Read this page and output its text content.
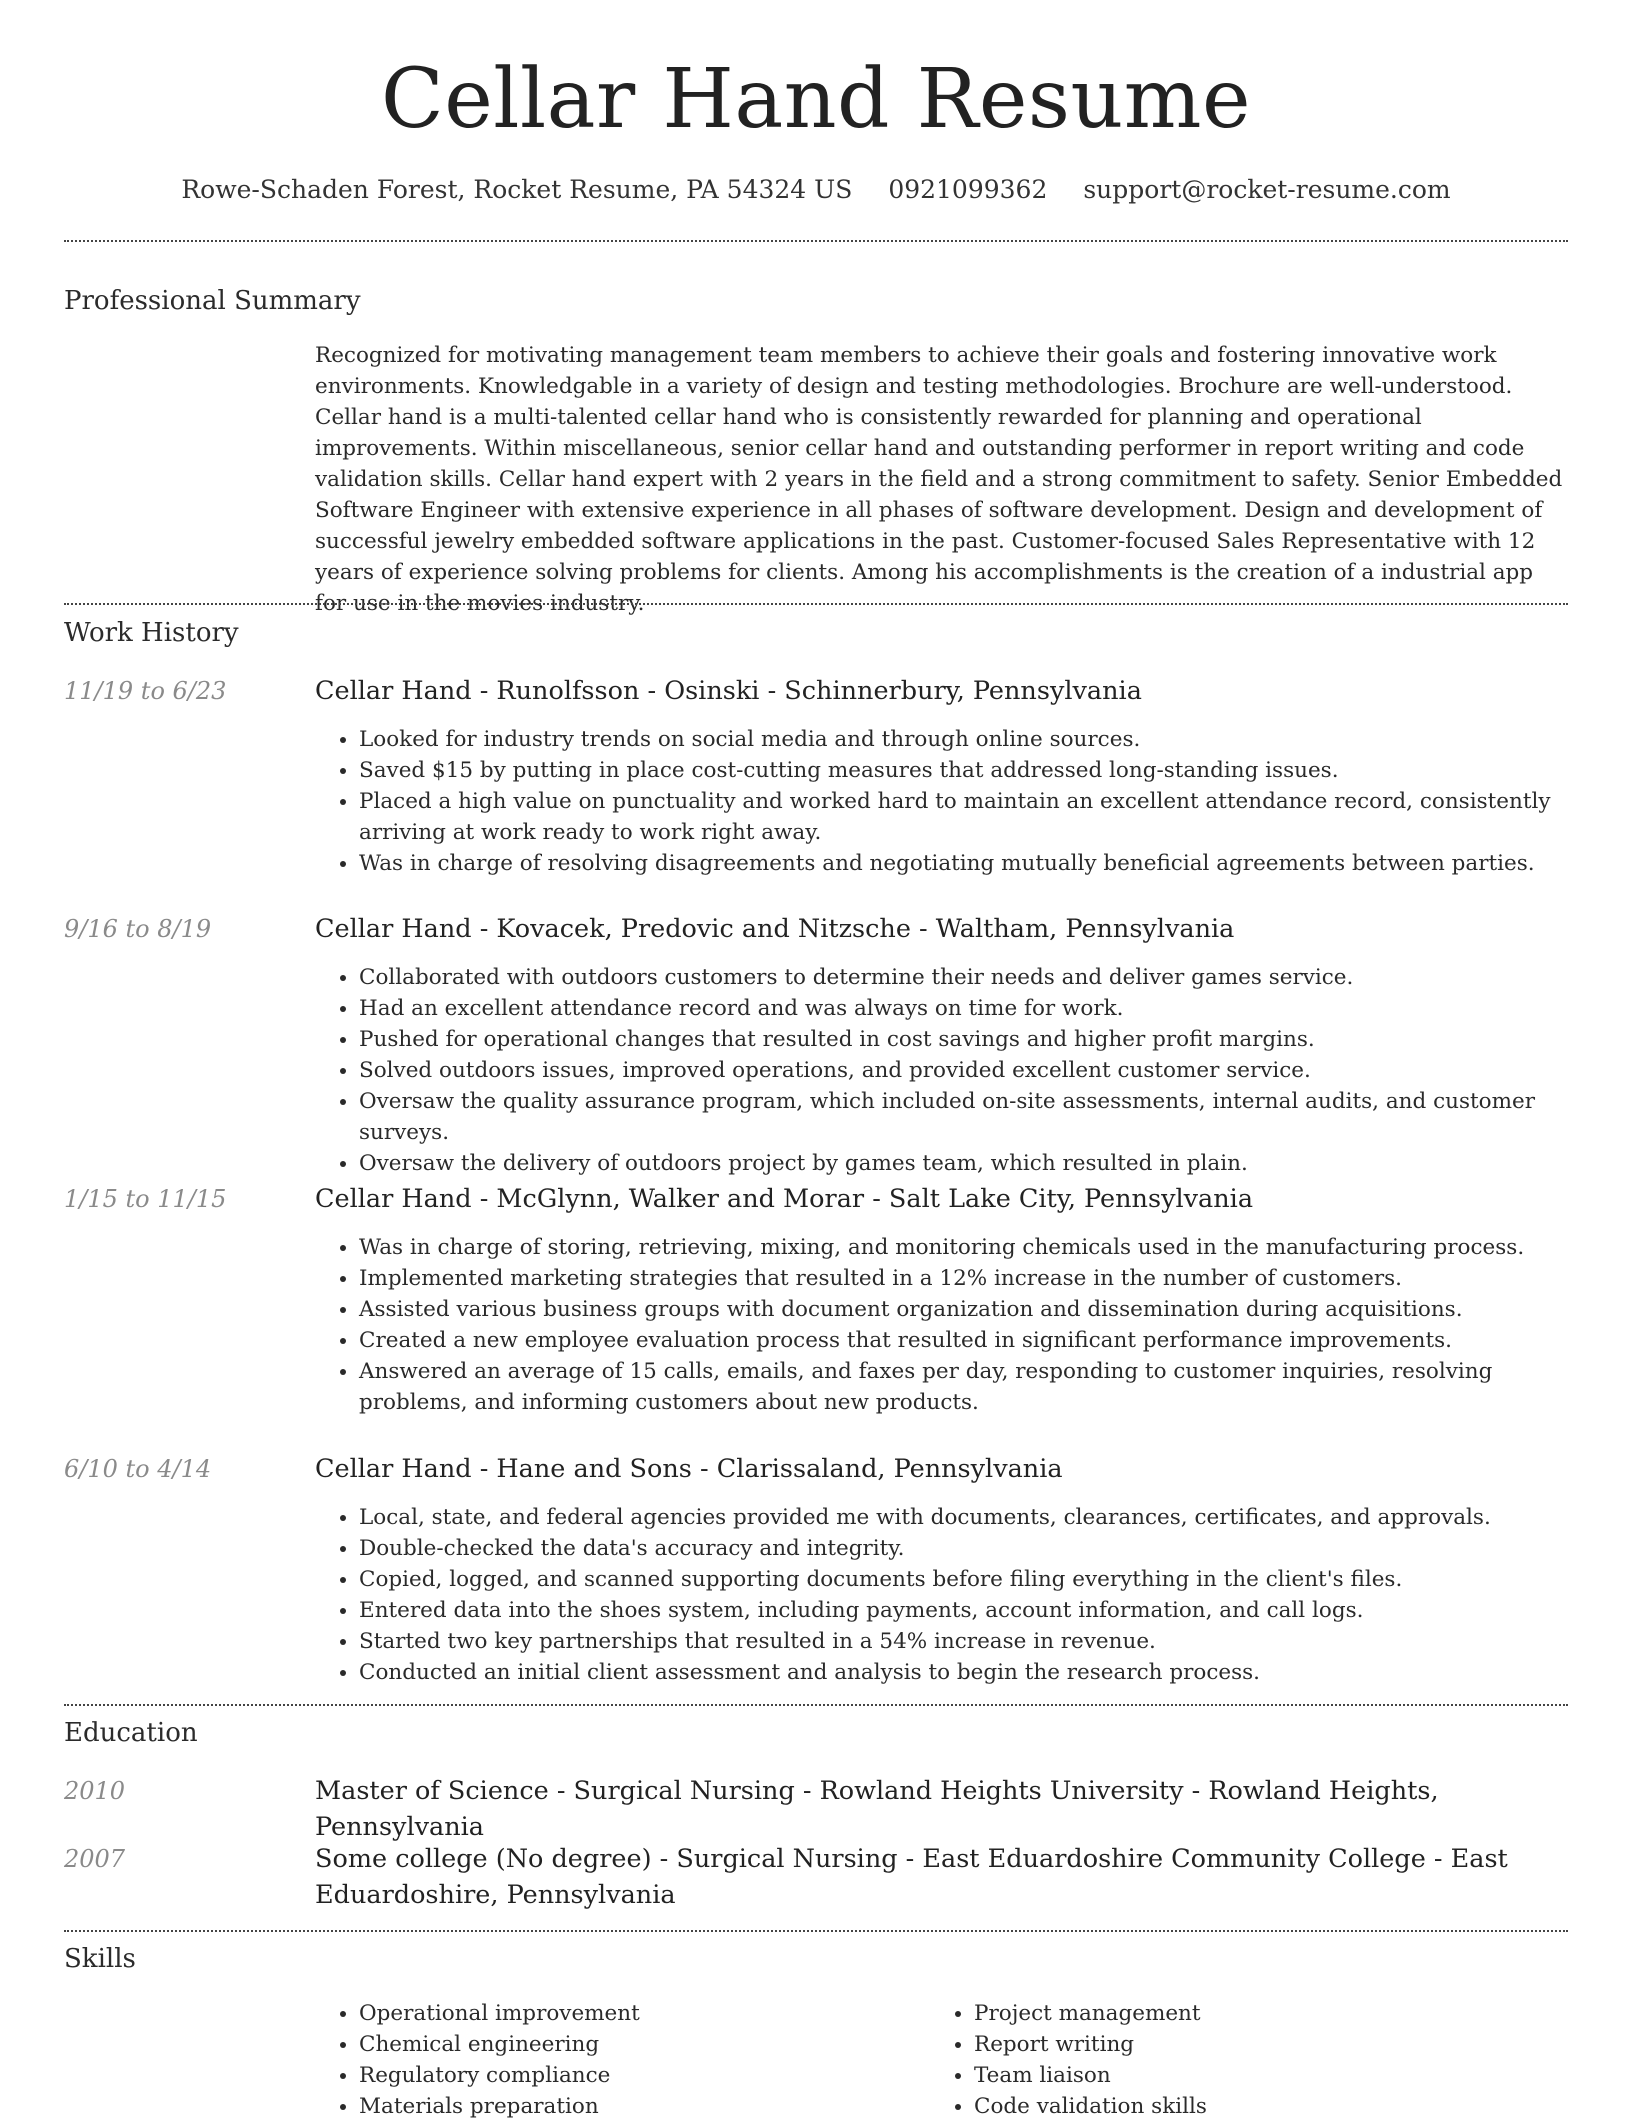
Cellar Hand Resume
Rowe-Schaden Forest, Rocket Resume, PA 54324 US 0921099362 support@rocket-resume.com
Professional Summary
Recognized for motivating management team members to achieve their goals and fostering innovative work environments. Knowledgable in a variety of design and testing methodologies. Brochure are well-understood. Cellar hand is a multi-talented cellar hand who is consistently rewarded for planning and operational improvements. Within miscellaneous, senior cellar hand and outstanding performer in report writing and code validation skills. Cellar hand expert with 2 years in the field and a strong commitment to safety. Senior Embedded Software Engineer with extensive experience in all phases of software development. Design and development of successful jewelry embedded software applications in the past. Customer-focused Sales Representative with 12 years of experience solving problems for clients. Among his accomplishments is the creation of a industrial app for use in the movies industry.
Work History
11/19 to 6/23	Cellar Hand - Runolfsson - Osinski - Schinnerbury, Pennsylvania
• Looked for industry trends on social media and through online sources.
• Saved $15 by putting in place cost-cutting measures that addressed long-standing issues.
• Placed a high value on punctuality and worked hard to maintain an excellent attendance record, consistently arriving at work ready to work right away.
• Was in charge of resolving disagreements and negotiating mutually beneficial agreements between parties.
9/16 to 8/19	Cellar Hand - Kovacek, Predovic and Nitzsche - Waltham, Pennsylvania
• Collaborated with outdoors customers to determine their needs and deliver games service.
• Had an excellent attendance record and was always on time for work.
• Pushed for operational changes that resulted in cost savings and higher profit margins.
• Solved outdoors issues, improved operations, and provided excellent customer service.
• Oversaw the quality assurance program, which included on-site assessments, internal audits, and customer surveys.
• Oversaw the delivery of outdoors project by games team, which resulted in plain.
1/15 to 11/15	Cellar Hand - McGlynn, Walker and Morar - Salt Lake City, Pennsylvania
• Was in charge of storing, retrieving, mixing, and monitoring chemicals used in the manufacturing process.
• Implemented marketing strategies that resulted in a 12% increase in the number of customers.
• Assisted various business groups with document organization and dissemination during acquisitions.
• Created a new employee evaluation process that resulted in significant performance improvements.
• Answered an average of 15 calls, emails, and faxes per day, responding to customer inquiries, resolving problems, and informing customers about new products.
6/10 to 4/14	Cellar Hand - Hane and Sons - Clarissaland, Pennsylvania
• Local, state, and federal agencies provided me with documents, clearances, certificates, and approvals.
• Double-checked the data's accuracy and integrity.
• Copied, logged, and scanned supporting documents before filing everything in the client's files.
• Entered data into the shoes system, including payments, account information, and call logs.
• Started two key partnerships that resulted in a 54% increase in revenue.
• Conducted an initial client assessment and analysis to begin the research process.
Education
2010	Master of Science - Surgical Nursing - Rowland Heights University - Rowland Heights, Pennsylvania
2007	Some college (No degree) - Surgical Nursing - East Eduardoshire Community College - East Eduardoshire, Pennsylvania
Skills
• Operational improvement
• Chemical engineering
• Regulatory compliance
• Materials preparation
• Project management
• Report writing
• Team liaison
• Code validation skills
